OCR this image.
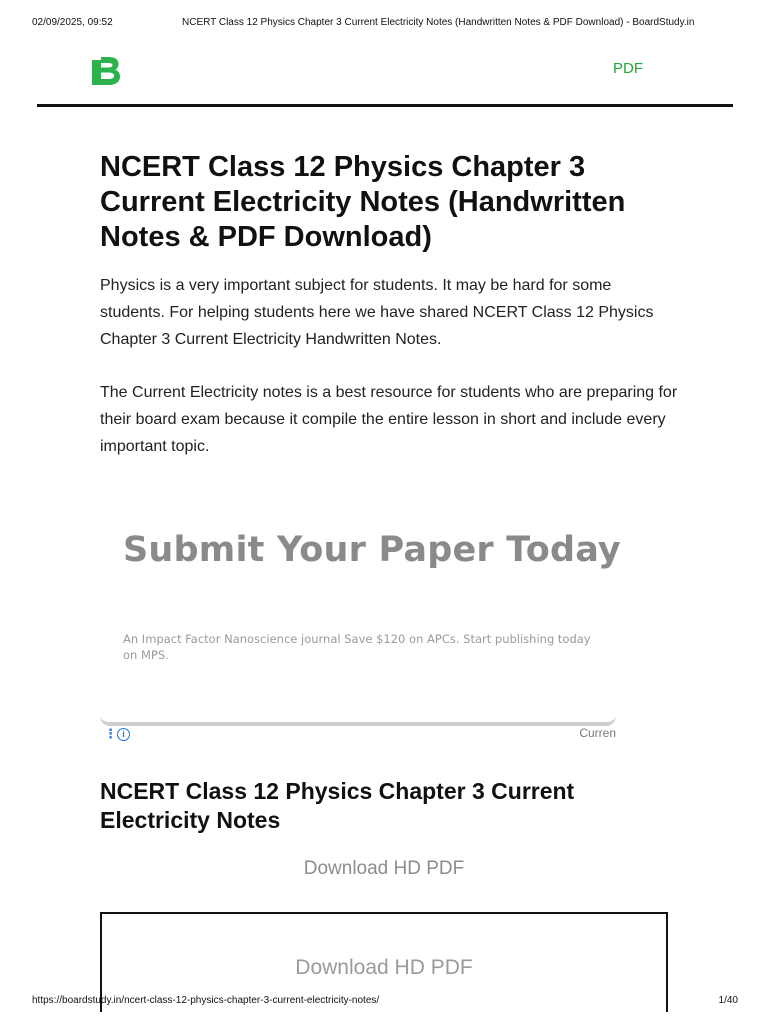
02/09/2025, 09:52	NCERT Class 12 Physics Chapter 3 Current Electricity Notes (Handwritten Notes & PDF Download) - BoardStudy.in
PDF
NCERT Class 12 Physics Chapter 3 Current Electricity Notes (Handwritten Notes & PDF Download)

Physics is a very important subject for students. It may be hard for some students. For helping students here we have shared NCERT Class 12 Physics Chapter 3 Current Electricity Handwritten Notes.

The Current Electricity notes is a best resource for students who are preparing for their board exam because it compile the entire lesson in short and include every important topic.

Submit Your Paper Today

An Impact Factor Nanoscience journal Save $120 on APCs. Start publishing today on MPS.

⋮ i	Curren
NCERT Class 12 Physics Chapter 3 Current Electricity Notes
Download HD PDF
Download HD PDF
https://boardstudy.in/ncert-class-12-physics-chapter-3-current-electricity-notes/	1/40
